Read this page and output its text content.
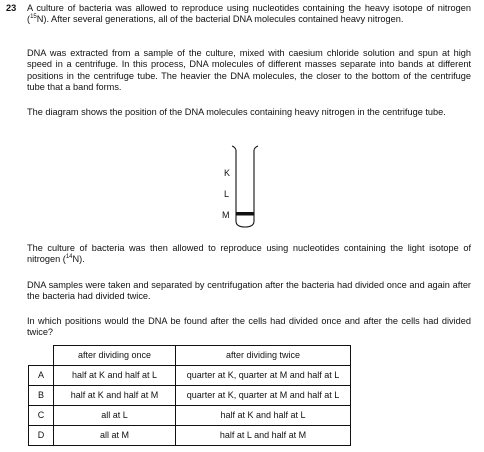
23 A culture of bacteria was allowed to reproduce using nucleotides containing the heavy isotope of nitrogen ($^{15}$N). After several generations, all of the bacterial DNA molecules contained heavy nitrogen.

DNA was extracted from a sample of the culture, mixed with caesium chloride solution and spun at high speed in a centrifuge. In this process, DNA molecules of different masses separate into bands at different positions in the centrifuge tube. The heavier the DNA molecules, the closer to the bottom of the centrifuge tube that a band forms.

The diagram shows the position of the DNA molecules containing heavy nitrogen in the centrifuge tube.

K
L
M

The culture of bacteria was then allowed to reproduce using nucleotides containing the light isotope of nitrogen ($^{14}$N).

DNA samples were taken and separated by centrifugation after the bacteria had divided once and again after the bacteria had divided twice.

In which positions would the DNA be found after the cells had divided once and after the cells had divided twice?

	after dividing once	after dividing twice
A	half at K and half at L	quarter at K, quarter at M and half at L
B	half at K and half at M	quarter at K, quarter at M and half at L
C	all at L	half at K and half at L
D	all at M	half at L and half at M
